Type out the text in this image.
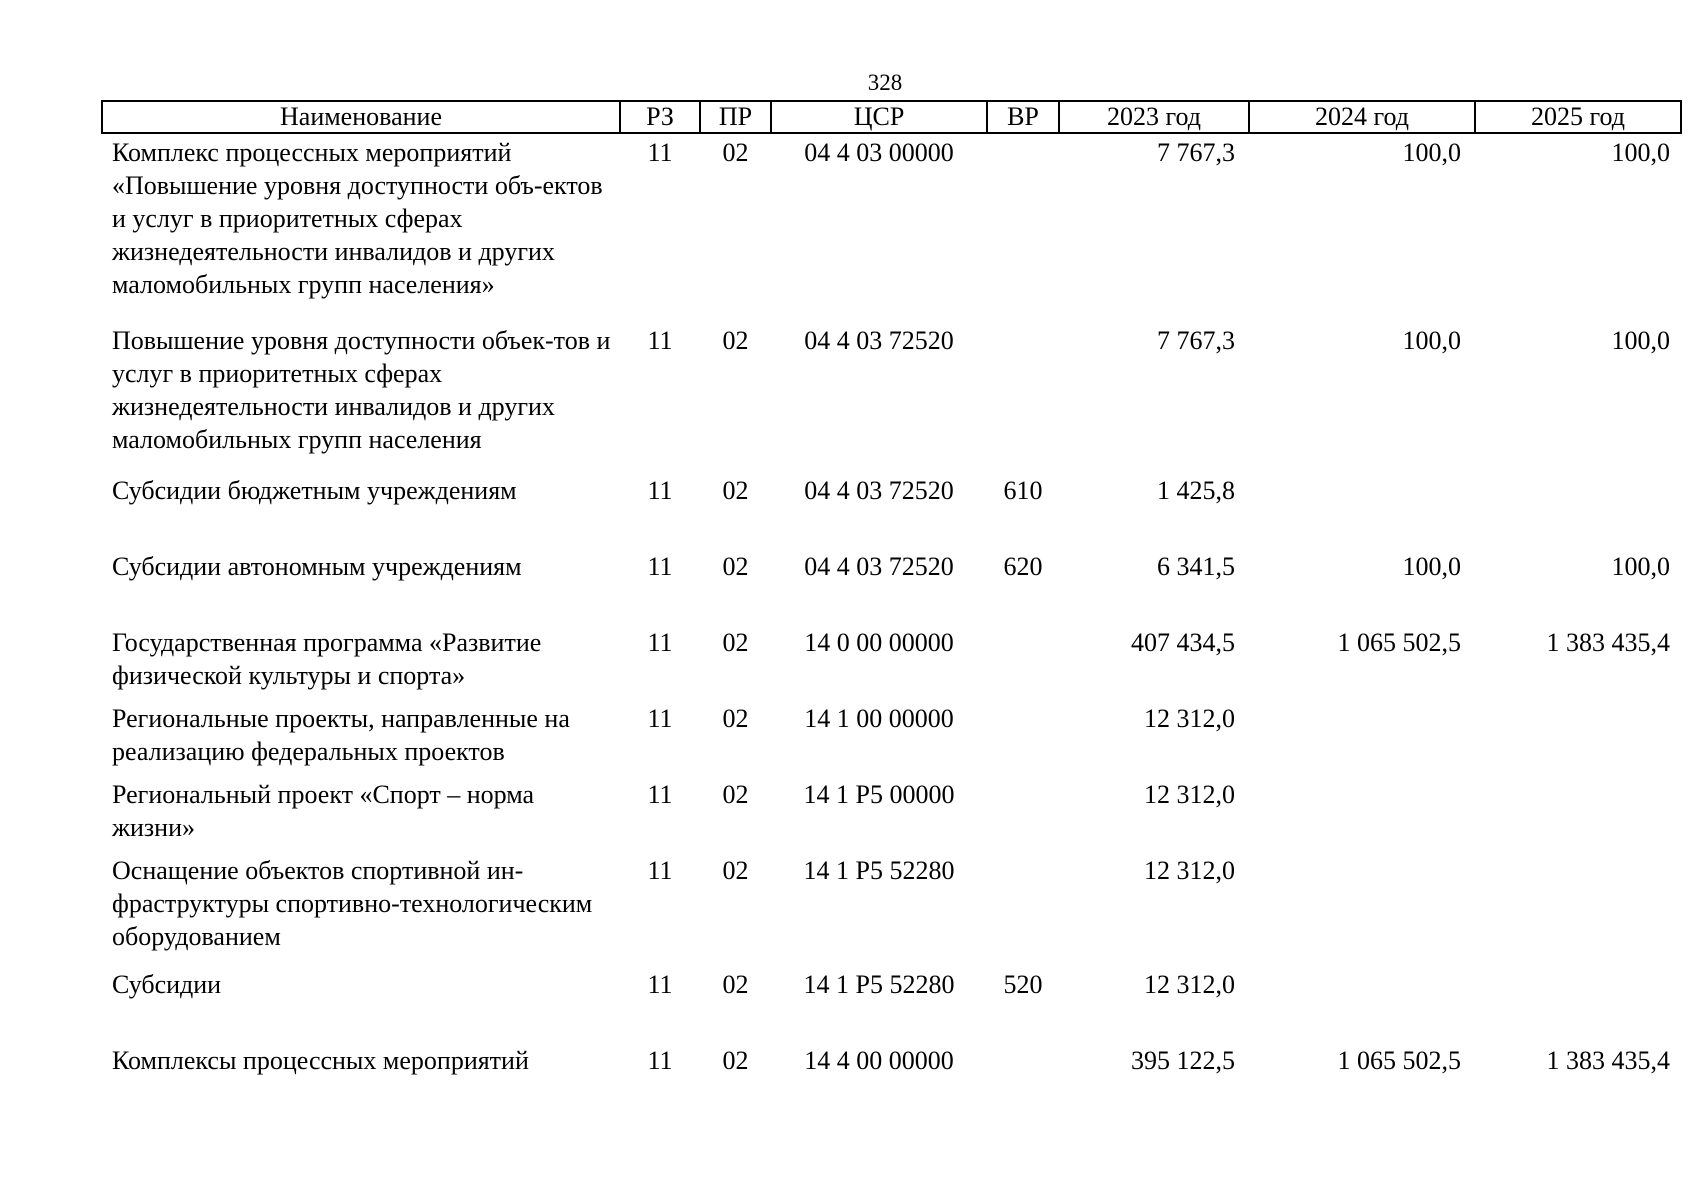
328
Наименование	РЗ	ПР	ЦСР	ВР	2023 год	2024 год	2025 год
Комплекс процессных мероприятий «Повышение уровня доступности объ-ектов и услуг в приоритетных сферах жизнедеятельности инвалидов и других маломобильных групп населения»	11	02	04 4 03 00000		7 767,3	100,0	100,0
Повышение уровня доступности объек-тов и услуг в приоритетных сферах жизнедеятельности инвалидов и других маломобильных групп населения	11	02	04 4 03 72520		7 767,3	100,0	100,0
Субсидии бюджетным учреждениям	11	02	04 4 03 72520	610	1 425,8		
Субсидии автономным учреждениям	11	02	04 4 03 72520	620	6 341,5	100,0	100,0
Государственная программа «Развитие физической культуры и спорта»	11	02	14 0 00 00000		407 434,5	1 065 502,5	1 383 435,4
Региональные проекты, направленные на реализацию федеральных проектов	11	02	14 1 00 00000		12 312,0		
Региональный проект «Спорт – норма жизни»	11	02	14 1 P5 00000		12 312,0		
Оснащение объектов спортивной ин-фраструктуры спортивно-технологическим оборудованием	11	02	14 1 P5 52280		12 312,0		
Субсидии	11	02	14 1 P5 52280	520	12 312,0		
Комплексы процессных мероприятий	11	02	14 4 00 00000		395 122,5	1 065 502,5	1 383 435,4
